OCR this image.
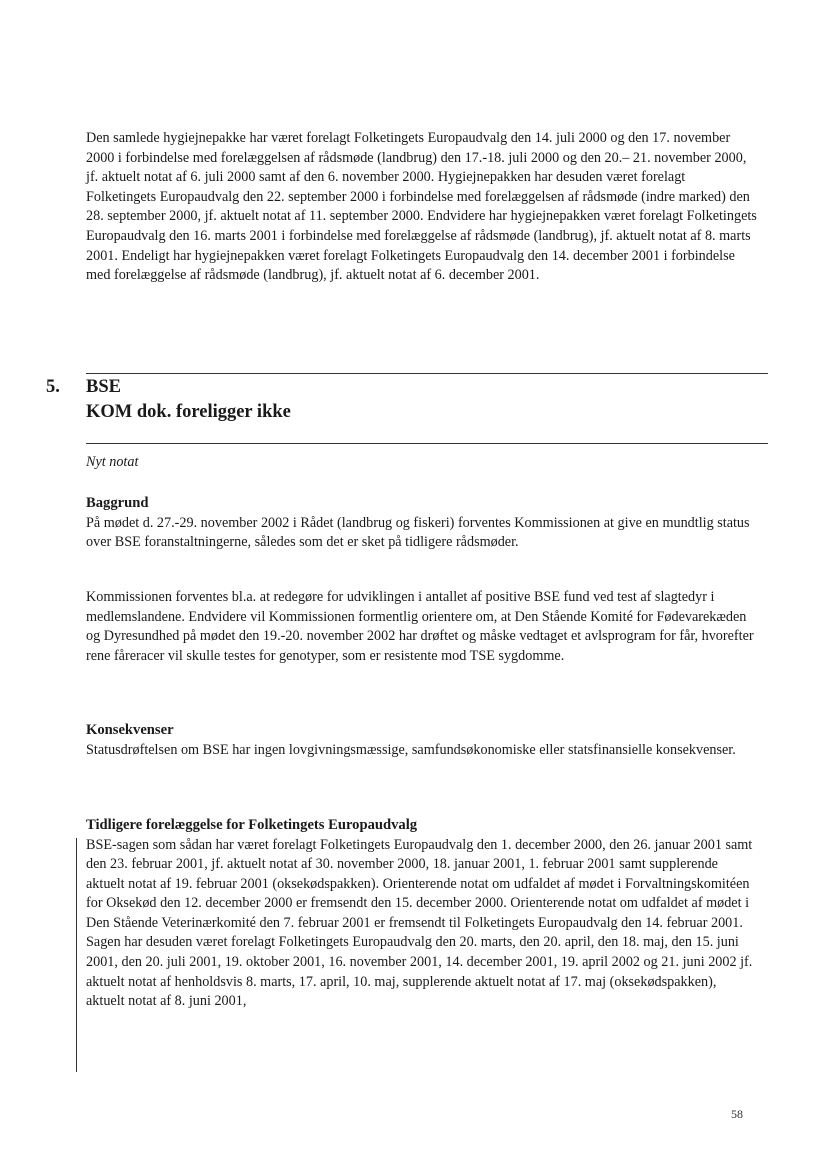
Den samlede hygiejnepakke har været forelagt Folketingets Europaudvalg den 14. juli 2000 og den 17. november 2000 i forbindelse med forelæggelsen af rådsmøde (landbrug) den 17.-18. juli 2000 og den 20.– 21. november 2000, jf. aktuelt notat af 6. juli 2000 samt af den 6. november 2000. Hygiejnepakken har desuden været forelagt Folketingets Europaudvalg den 22. september 2000 i forbindelse med forelæggelsen af rådsmøde (indre marked) den 28. september 2000, jf. aktuelt notat af 11. september 2000. Endvidere har hygiejnepakken været forelagt Folketingets Europaudvalg den 16. marts 2001 i forbindelse med forelæggelse af rådsmøde (landbrug), jf. aktuelt notat af 8. marts 2001. Endeligt har hygiejnepakken været forelagt Folketingets Europaudvalg den 14. december 2001 i forbindelse med forelæggelse af rådsmøde (landbrug), jf. aktuelt notat af 6. december 2001.

5. BSE
KOM dok. foreligger ikke
Nyt notat
Baggrund

På mødet d. 27.-29. november 2002 i Rådet (landbrug og fiskeri) forventes Kommissionen at give en mundtlig status over BSE foranstaltningerne, således som det er sket på tidligere rådsmøder.

Kommissionen forventes bl.a. at redegøre for udviklingen i antallet af positive BSE fund ved test af slagtedyr i medlemslandene. Endvidere vil Kommissionen formentlig orientere om, at Den Stående Komité for Fødevarekæden og Dyresundhed på mødet den 19.-20. november 2002 har drøftet og måske vedtaget et avlsprogram for får, hvorefter rene fåreracer vil skulle testes for genotyper, som er resistente mod TSE sygdomme.

Konsekvenser

Statusdrøftelsen om BSE har ingen lovgivningsmæssige, samfundsøkonomiske eller statsfinansielle konsekvenser.

Tidligere forelæggelse for Folketingets Europaudvalg

BSE-sagen som sådan har været forelagt Folketingets Europaudvalg den 1. december 2000, den 26. januar 2001 samt den 23. februar 2001, jf. aktuelt notat af 30. november 2000, 18. januar 2001, 1. februar 2001 samt supplerende aktuelt notat af 19. februar 2001 (oksekødspakken). Orienterende notat om udfaldet af mødet i Forvaltningskomitéen for Oksekød den 12. december 2000 er fremsendt den 15. december 2000. Orienterende notat om udfaldet af mødet i Den Stående Veterinærkomité den 7. februar 2001 er fremsendt til Folketingets Europaudvalg den 14. februar 2001. Sagen har desuden været forelagt Folketingets Europaudvalg den 20. marts, den 20. april, den 18. maj, den 15. juni 2001, den 20. juli 2001, 19. oktober 2001, 16. november 2001, 14. december 2001, 19. april 2002 og 21. juni 2002 jf. aktuelt notat af henholdsvis 8. marts, 17. april, 10. maj, supplerende aktuelt notat af 17. maj (oksekødspakken), aktuelt notat af 8. juni 2001,

58
